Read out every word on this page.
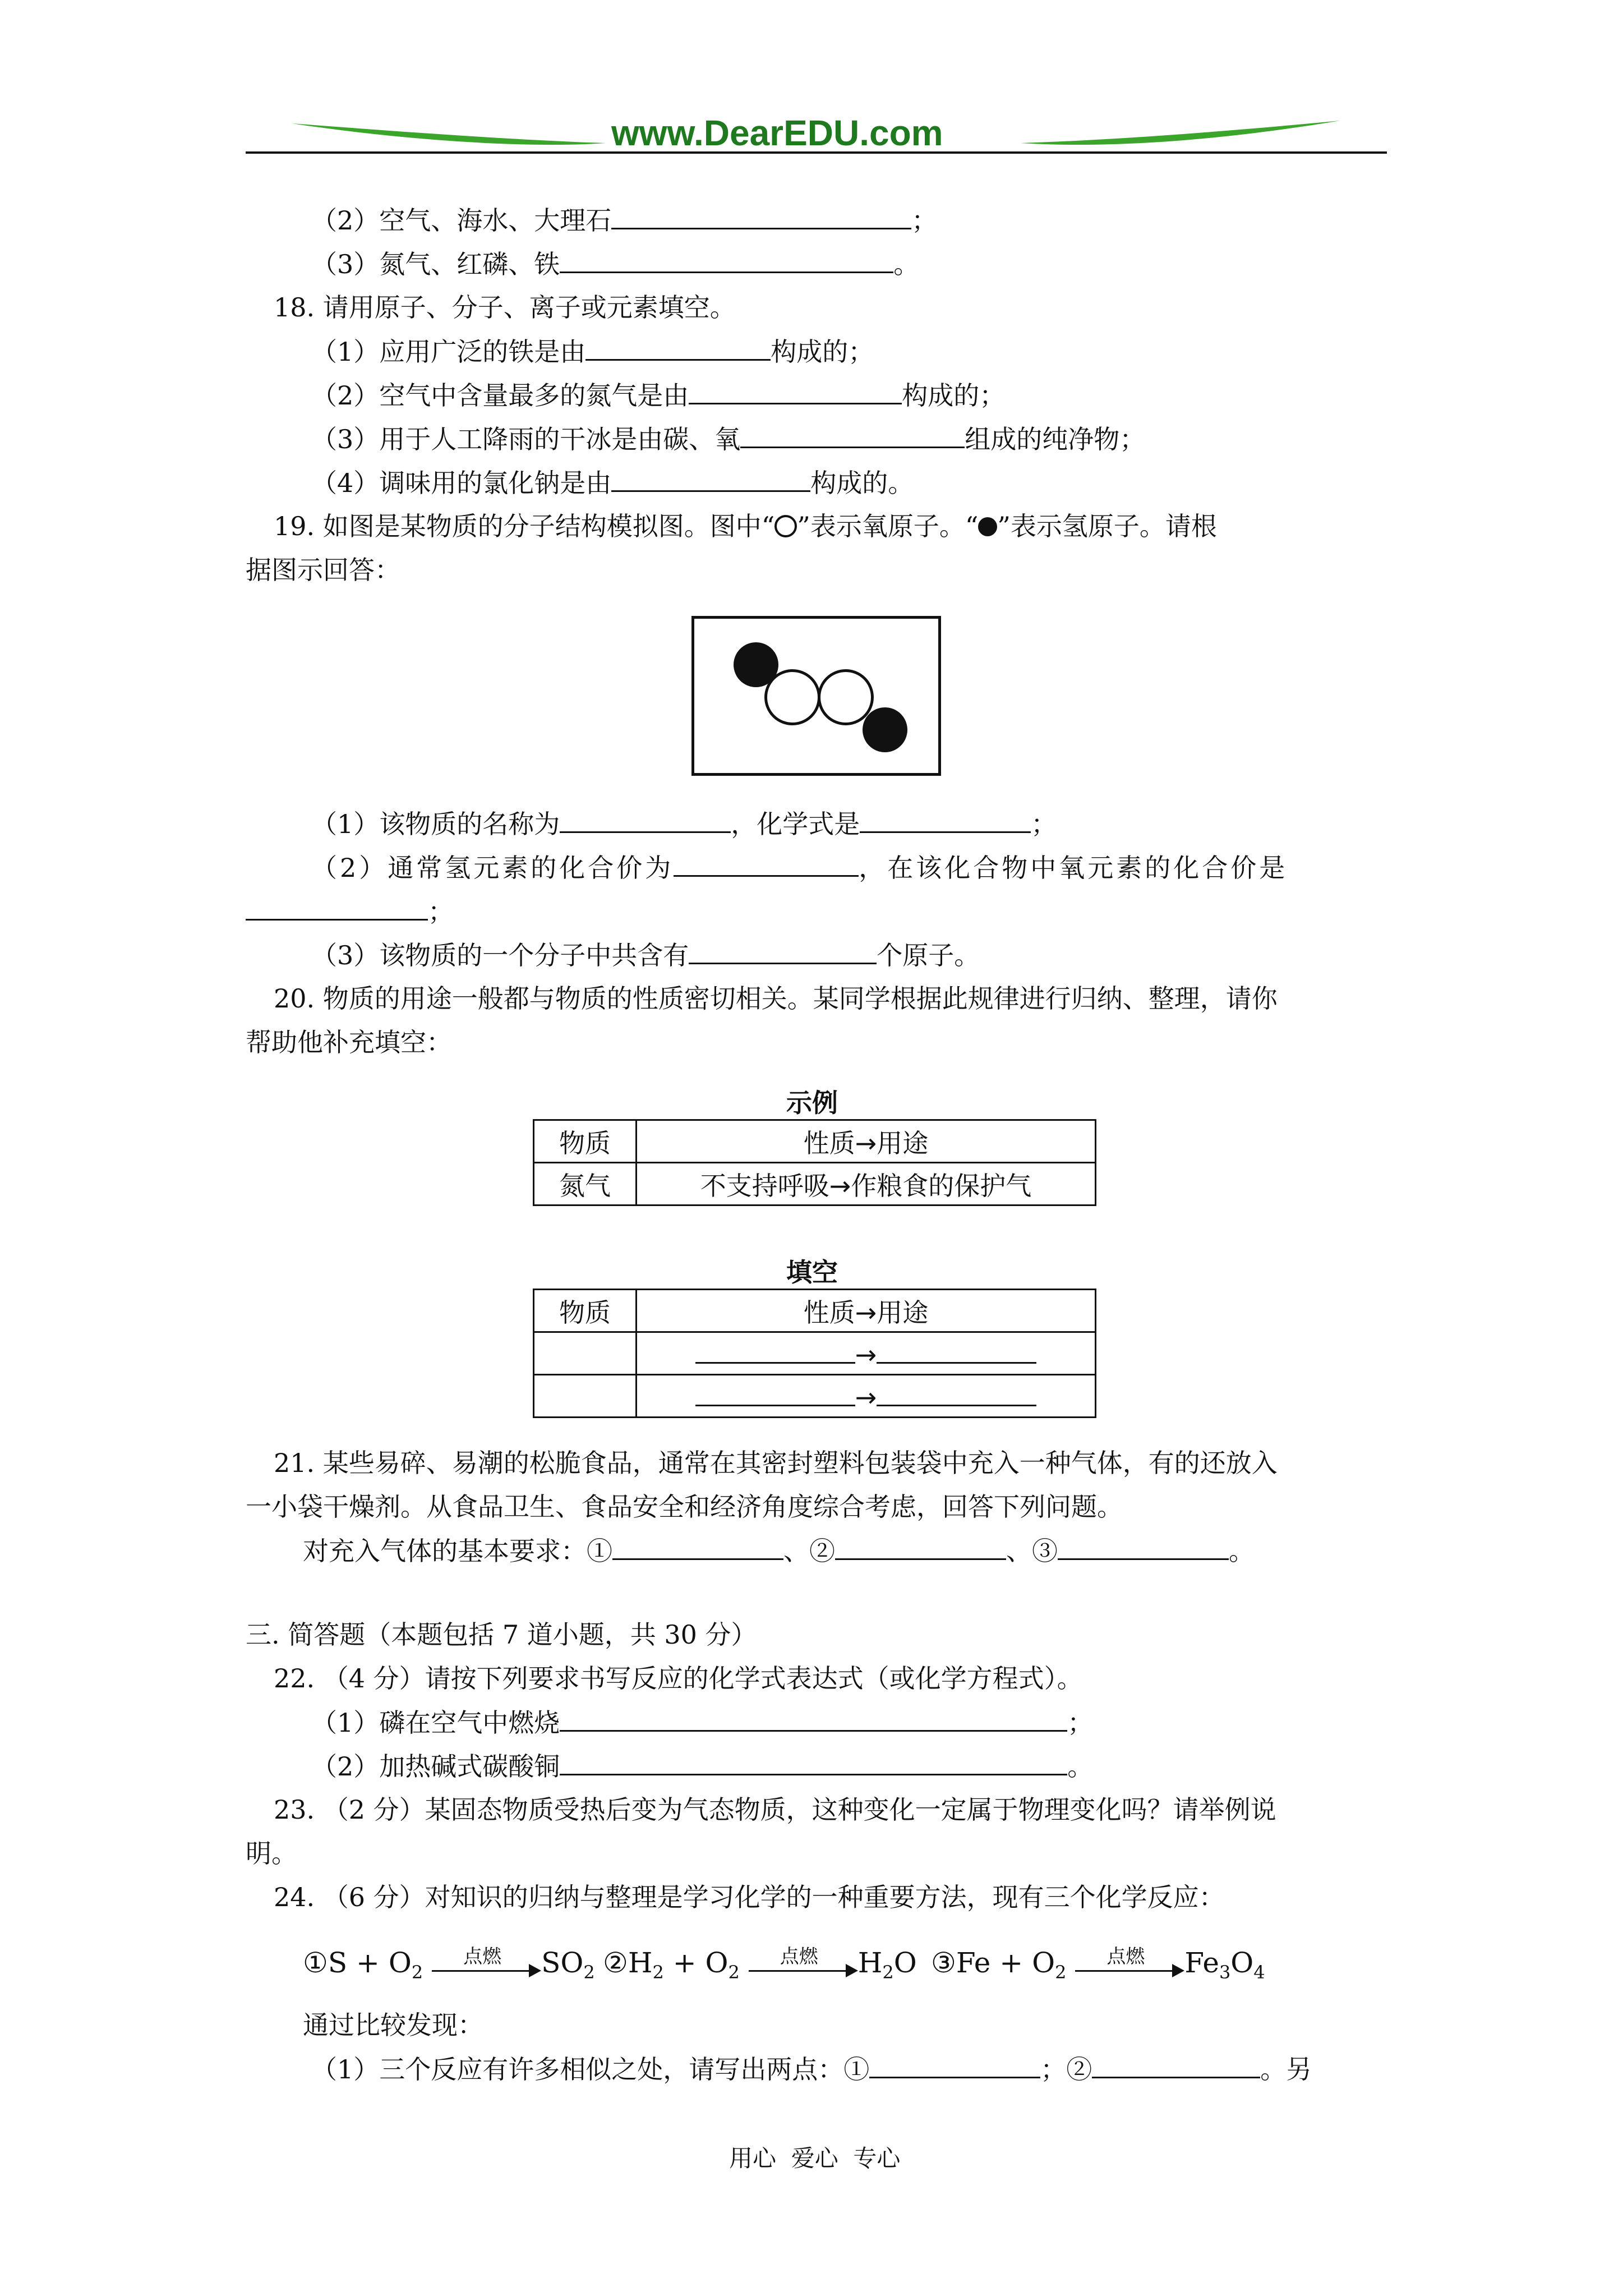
www.DearEDU.com
（2）空气、海水、大理石	；
（3）氮气、红磷、铁	。
18. 请用原子、分子、离子或元素填空。
（1）应用广泛的铁是由	构成的；
（2）空气中含量最多的氮气是由	构成的；
（3）用于人工降雨的干冰是由碳、氧	组成的纯净物；
（4）调味用的氯化钠是由	构成的。
19. 如图是某物质的分子结构模拟图。图中“ ”表示氧原子。“ ”表示氢原子。请根
据图示回答：
（1）该物质的名称为	，化学式是	；
（2）通常氢元素的化合价为	，在该化合物中氧元素的化合价是
；
（3）该物质的一个分子中共含有	个原子。
20. 物质的用途一般都与物质的性质密切相关。某同学根据此规律进行归纳、整理，请你
帮助他补充填空：
示例
物质	性质→用途
氮气	不支持呼吸→作粮食的保护气
填空
物质	性质→用途
	→
	→
21. 某些易碎、易潮的松脆食品，通常在其密封塑料包装袋中充入一种气体，有的还放入
一小袋干燥剂。从食品卫生、食品安全和经济角度综合考虑，回答下列问题。
对充入气体的基本要求：①	、②	、③	。
三. 简答题（本题包括 7 道小题，共 30 分）
22. （4 分）请按下列要求书写反应的化学式表达式（或化学方程式）。
（1）磷在空气中燃烧	；
（2）加热碱式碳酸铜	。
23. （2 分）某固态物质受热后变为气态物质，这种变化一定属于物理变化吗？请举例说
明。
24. （6 分）对知识的归纳与整理是学习化学的一种重要方法，现有三个化学反应：
①S + $O_2$
点燃	$SO_2$ $②H_2 + O_2$
点燃	$H_2O$ ③Fe + $O_2$
点燃	$Fe_3O_4$
通过比较发现：
（1）三个反应有许多相似之处，请写出两点：①	；②	。另
用心  爱心  专心
